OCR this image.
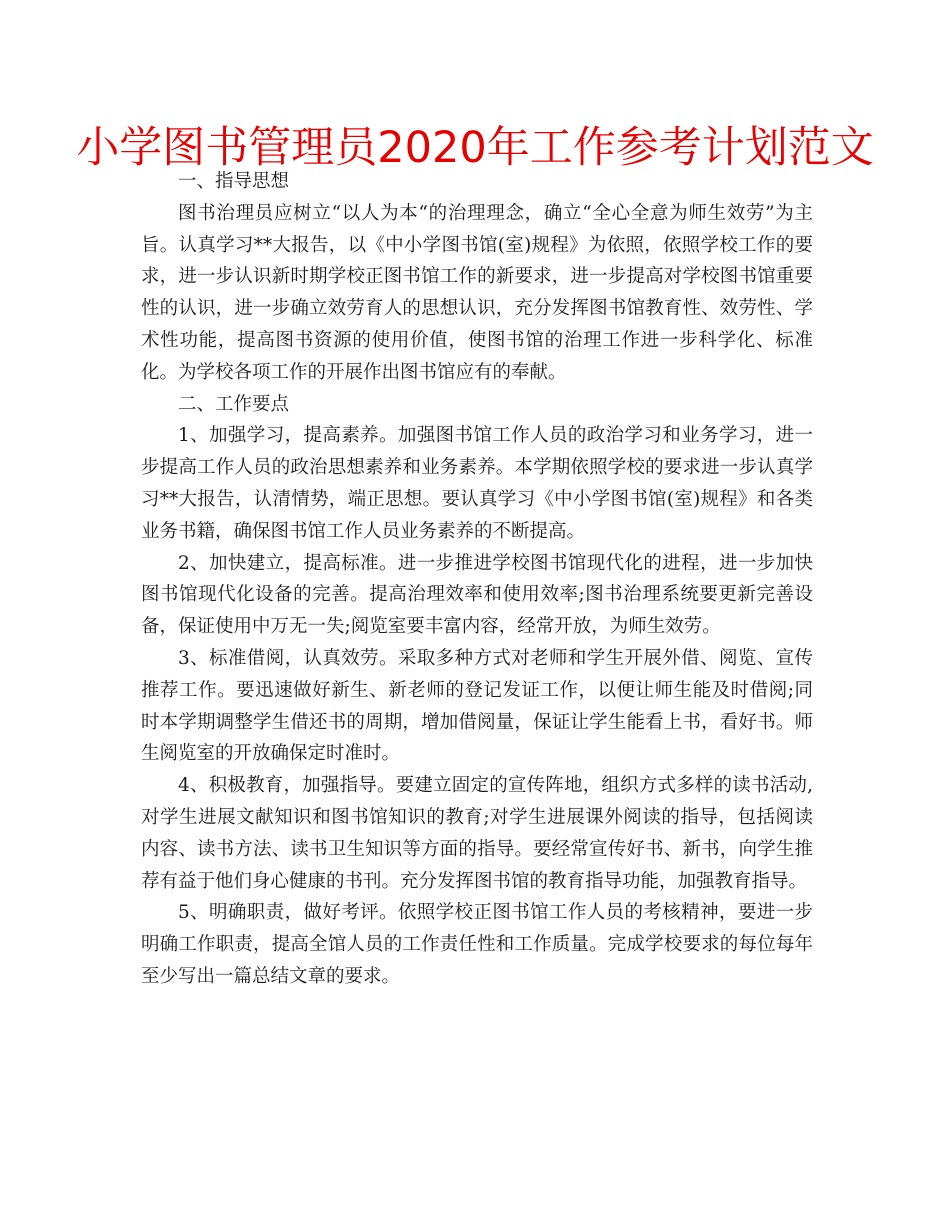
小学图书管理员2020年工作参考计划范文

一、指导思想

图书治理员应树立“以人为本“的治理理念，确立“全心全意为师生效劳”为主旨。认真学习**大报告，以《中小学图书馆(室)规程》为依照，依照学校工作的要求，进一步认识新时期学校正图书馆工作的新要求，进一步提高对学校图书馆重要性的认识，进一步确立效劳育人的思想认识，充分发挥图书馆教育性、效劳性、学术性功能，提高图书资源的使用价值，使图书馆的治理工作进一步科学化、标准化。为学校各项工作的开展作出图书馆应有的奉献。

二、工作要点

1、加强学习，提高素养。加强图书馆工作人员的政治学习和业务学习，进一步提高工作人员的政治思想素养和业务素养。本学期依照学校的要求进一步认真学习**大报告，认清情势，端正思想。要认真学习《中小学图书馆(室)规程》和各类业务书籍，确保图书馆工作人员业务素养的不断提高。

2、加快建立，提高标准。进一步推进学校图书馆现代化的进程，进一步加快图书馆现代化设备的完善。提高治理效率和使用效率;图书治理系统要更新完善设备，保证使用中万无一失;阅览室要丰富内容，经常开放，为师生效劳。

3、标准借阅，认真效劳。采取多种方式对老师和学生开展外借、阅览、宣传推荐工作。要迅速做好新生、新老师的登记发证工作，以便让师生能及时借阅;同时本学期调整学生借还书的周期，增加借阅量，保证让学生能看上书，看好书。师生阅览室的开放确保定时准时。

4、积极教育，加强指导。要建立固定的宣传阵地，组织方式多样的读书活动,对学生进展文献知识和图书馆知识的教育;对学生进展课外阅读的指导，包括阅读内容、读书方法、读书卫生知识等方面的指导。要经常宣传好书、新书，向学生推荐有益于他们身心健康的书刊。充分发挥图书馆的教育指导功能，加强教育指导。

5、明确职责，做好考评。依照学校正图书馆工作人员的考核精神，要进一步明确工作职责，提高全馆人员的工作责任性和工作质量。完成学校要求的每位每年至少写出一篇总结文章的要求。
